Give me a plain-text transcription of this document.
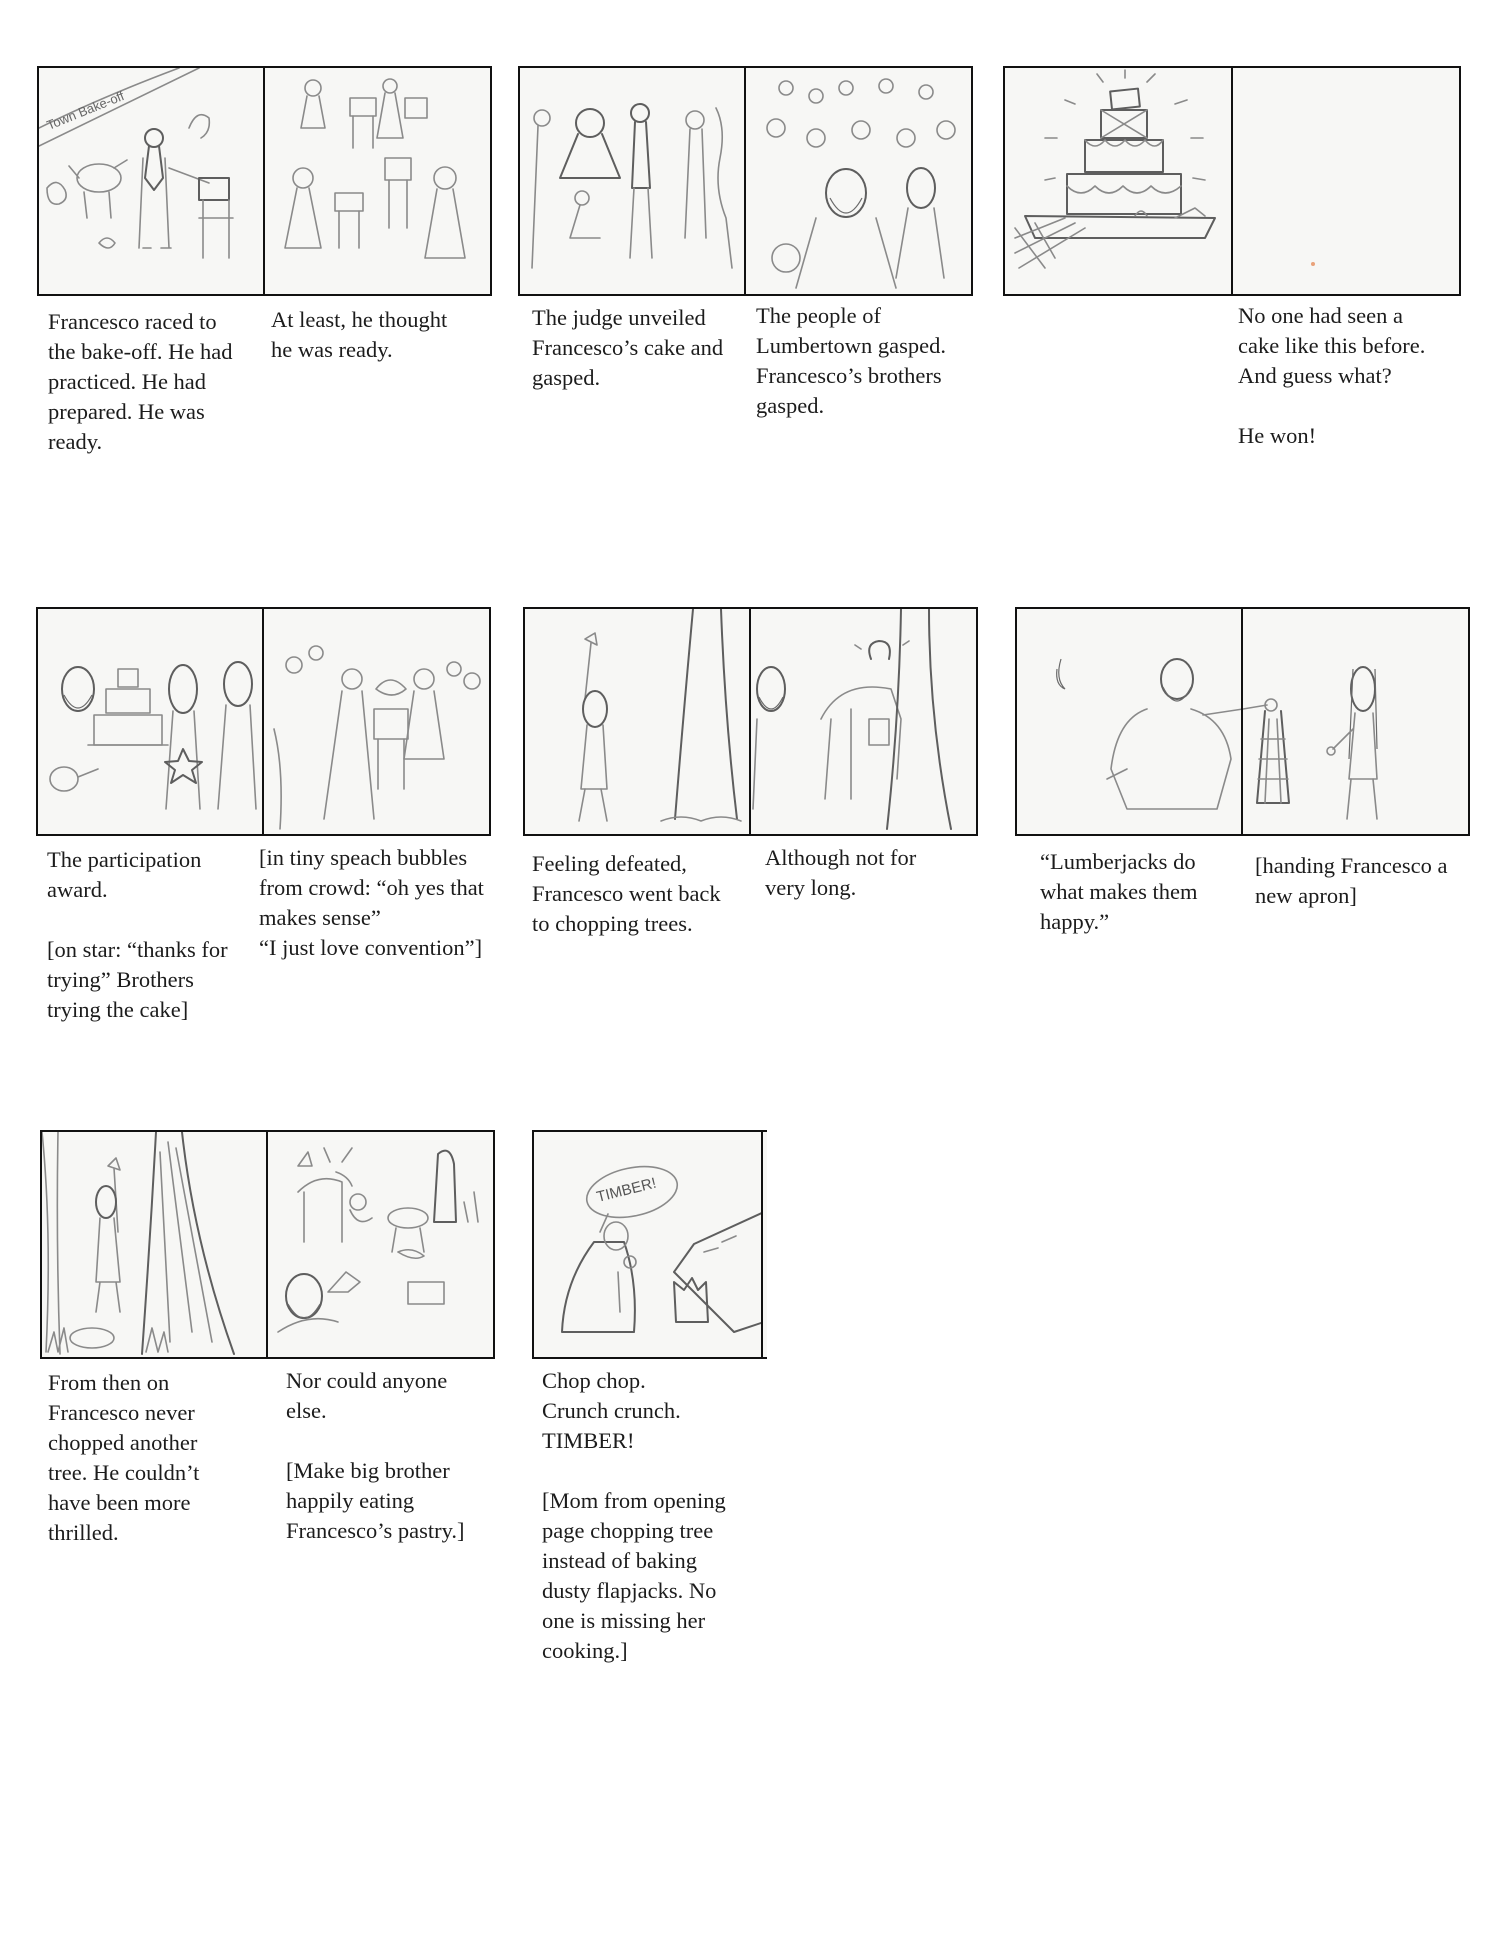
Town Bake-off
Francesco raced to
the bake-off. He had
practiced. He had
prepared. He was
ready.
At least, he thought
he was ready.
The judge unveiled
Francesco’s cake and
gasped.
The people of
Lumbertown gasped.
Francesco’s brothers
gasped.
No one had seen a
cake like this before.
And guess what?

He won!
The participation
award.

[on star: “thanks for
trying” Brothers
trying the cake]
[in tiny speach bubbles
from crowd: “oh yes that
makes sense”
“I just love convention”]
Feeling defeated,
Francesco went back
to chopping trees.
Although not for
very long.
“Lumberjacks do
what makes them
happy.”
[handing Francesco a
new apron]
TIMBER!
From then on
Francesco never
chopped another
tree. He couldn’t
have been more
thrilled.
Nor could anyone
else.

[Make big brother
happily eating
Francesco’s pastry.]
Chop chop.
Crunch crunch.
TIMBER!

[Mom from opening
page chopping tree
instead of baking
dusty flapjacks. No
one is missing her
cooking.]
